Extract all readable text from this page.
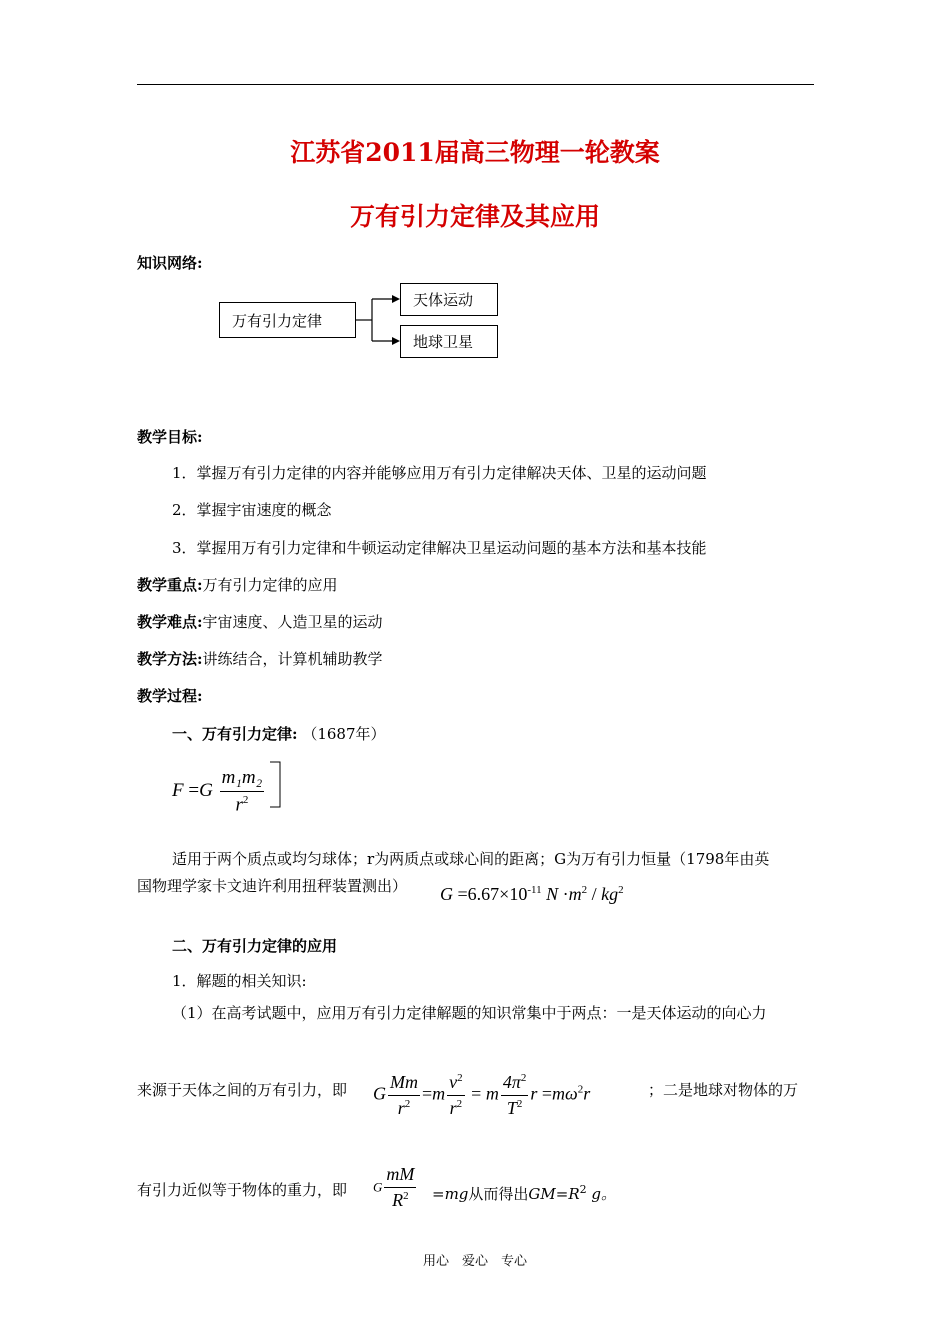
江苏省2011届高三物理一轮教案
万有引力定律及其应用
知识网络:
万有引力定律
天体运动
地球卫星
教学目标:
1．掌握万有引力定律的内容并能够应用万有引力定律解决天体、卫星的运动问题
2．掌握宇宙速度的概念
3．掌握用万有引力定律和牛顿运动定律解决卫星运动问题的基本方法和基本技能
教学重点:万有引力定律的应用
教学难点:宇宙速度、人造卫星的运动
教学方法:讲练结合，计算机辅助教学
教学过程:
一、万有引力定律: （1687年）
$F =G \frac{\text{m₁m₂}}{r^2}$
适用于两个质点或均匀球体；r为两质点或球心间的距离；G为万有引力恒量（1798年由英
国物理学家卡文迪许利用扭秤装置测出） $G =6.67\times 10^{-11}$ $N \cdot m^2 / kg^2$
二、万有引力定律的应用
1．解题的相关知识:
（1）在高考试题中，应用万有引力定律解题的知识常集中于两点：一是天体运动的向心力
来源于天体之间的万有引力，即 G $\frac{Mm}{r^2} =m \frac{v^2}{r^2} = m \frac{4\pi^2}{T^2}$ $r =m\omega^2r$	；二是地球对物体的万
有引力近似等于物体的重力，即 G $\frac{mM}{R^2} =mg$从而得出$GM=R^2$ g。
用心　爱心　专心
